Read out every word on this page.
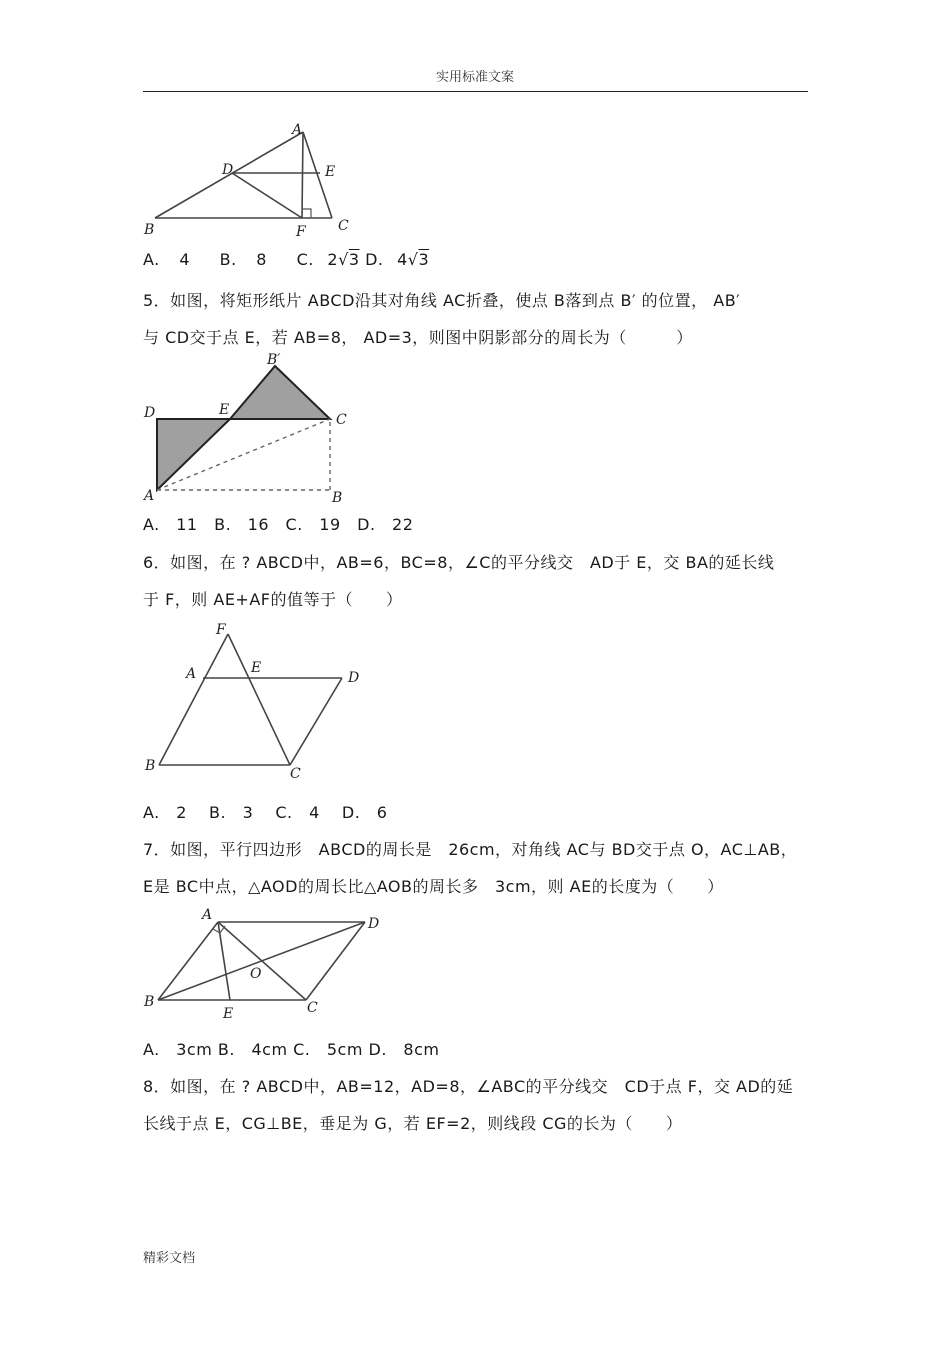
实用标准文案
A
B	C
D	E
F
A. 4 B. 8 C. 2√3 D. 4√3
5．如图，将矩形纸片 ABCD沿其对角线 AC折叠，使点 B落到点 B′ 的位置， AB′
与 CD交于点 E，若 AB=8， AD=3，则图中阴影部分的周长为（　　　）
A	B
C
D	E
B′
A.　11　B.　16　C.　19　D.　22
6．如图，在 ? ABCD中，AB=6，BC=8，∠C的平分线交　AD于 E，交 BA的延长线
于 F，则 AE+AF的值等于（　　）
F
A	E
D
B	C
A.　2　 B.　3　 C.　4　 D.　6
7．如图，平行四边形　ABCD的周长是　26cm，对角线 AC与 BD交于点 O，AC⊥AB，
E是 BC中点，△AOD的周长比△AOB的周长多　3cm，则 AE的长度为（　　）
A
D
O
B
E	C
A.　3cm B.　4cm C.　5cm D.　8cm
8．如图，在 ? ABCD中，AB=12，AD=8，∠ABC的平分线交　CD于点 F，交 AD的延
长线于点 E，CG⊥BE，垂足为 G，若 EF=2，则线段 CG的长为（　　）
精彩文档
